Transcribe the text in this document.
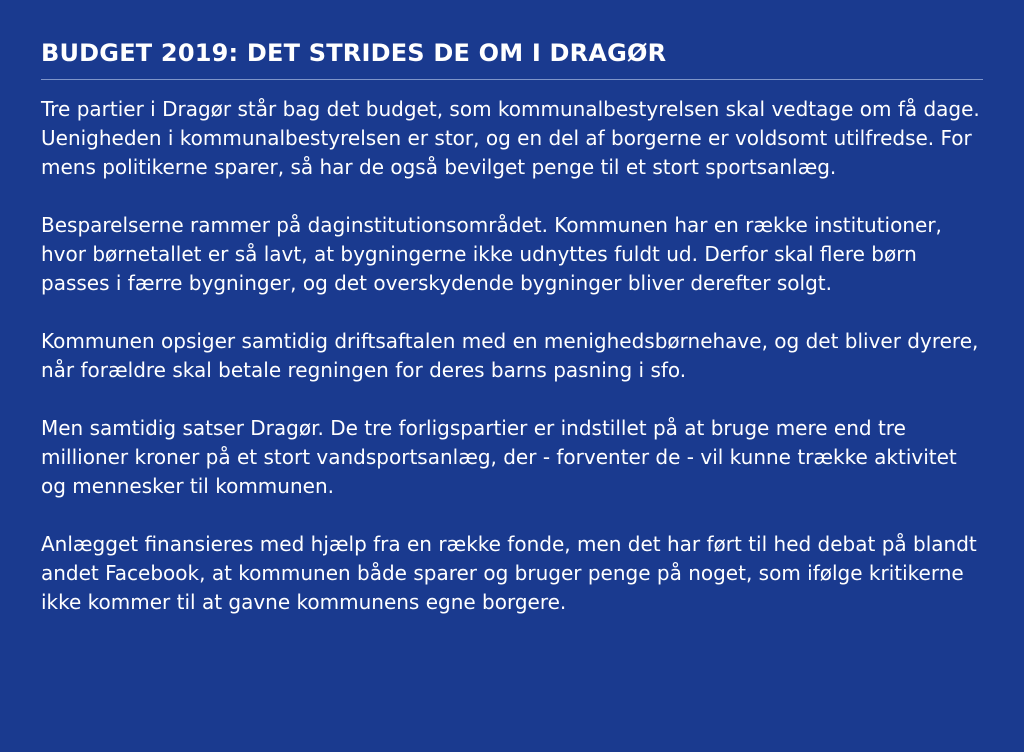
BUDGET 2019: DET STRIDES DE OM I DRAGØR

Tre partier i Dragør står bag det budget, som kommunalbestyrelsen skal vedtage om få dage. Uenigheden i kommunalbestyrelsen er stor, og en del af borgerne er voldsomt utilfredse. For mens politikerne sparer, så har de også bevilget penge til et stort sportsanlæg.

Besparelserne rammer på daginstitutionsområdet. Kommunen har en række institutioner, hvor børnetallet er så lavt, at bygningerne ikke udnyttes fuldt ud. Derfor skal flere børn passes i færre bygninger, og det overskydende bygninger bliver derefter solgt.

Kommunen opsiger samtidig driftsaftalen med en menighedsbørnehave, og det bliver dyrere, når forældre skal betale regningen for deres barns pasning i sfo.

Men samtidig satser Dragør. De tre forligspartier er indstillet på at bruge mere end tre millioner kroner på et stort vandsportsanlæg, der - forventer de - vil kunne trække aktivitet og mennesker til kommunen.

Anlægget finansieres med hjælp fra en række fonde, men det har ført til hed debat på blandt andet Facebook, at kommunen både sparer og bruger penge på noget, som ifølge kritikerne ikke kommer til at gavne kommunens egne borgere.
